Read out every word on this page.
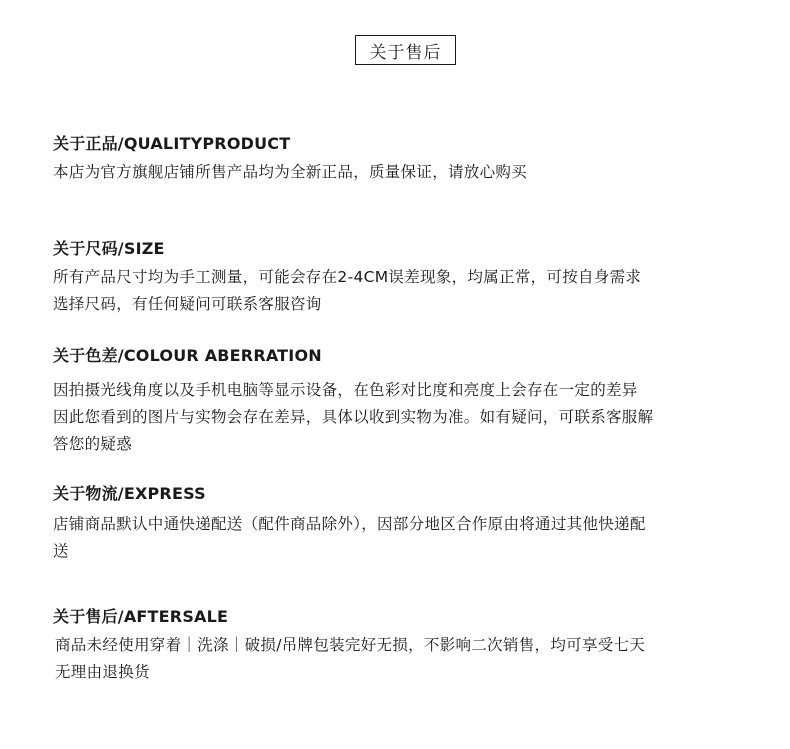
关于售后
关于正品/QUALITYPRODUCT
本店为官方旗舰店铺所售产品均为全新正品，质量保证，请放心购买
关于尺码/SIZE
所有产品尺寸均为手工测量，可能会存在2-4CM误差现象，均属正常，可按自身需求
选择尺码，有任何疑问可联系客服咨询
关于色差/COLOUR ABERRATION
因拍摄光线角度以及手机电脑等显示设备，在色彩对比度和亮度上会存在一定的差异
因此您看到的图片与实物会存在差异，具体以收到实物为准。如有疑问，可联系客服解
答您的疑惑
关于物流/EXPRESS
店铺商品默认中通快递配送（配件商品除外），因部分地区合作原由将通过其他快递配
送
关于售后/AFTERSALE
商品未经使用穿着｜洗涤｜破损/吊牌包装完好无损，不影响二次销售，均可享受七天
无理由退换货
